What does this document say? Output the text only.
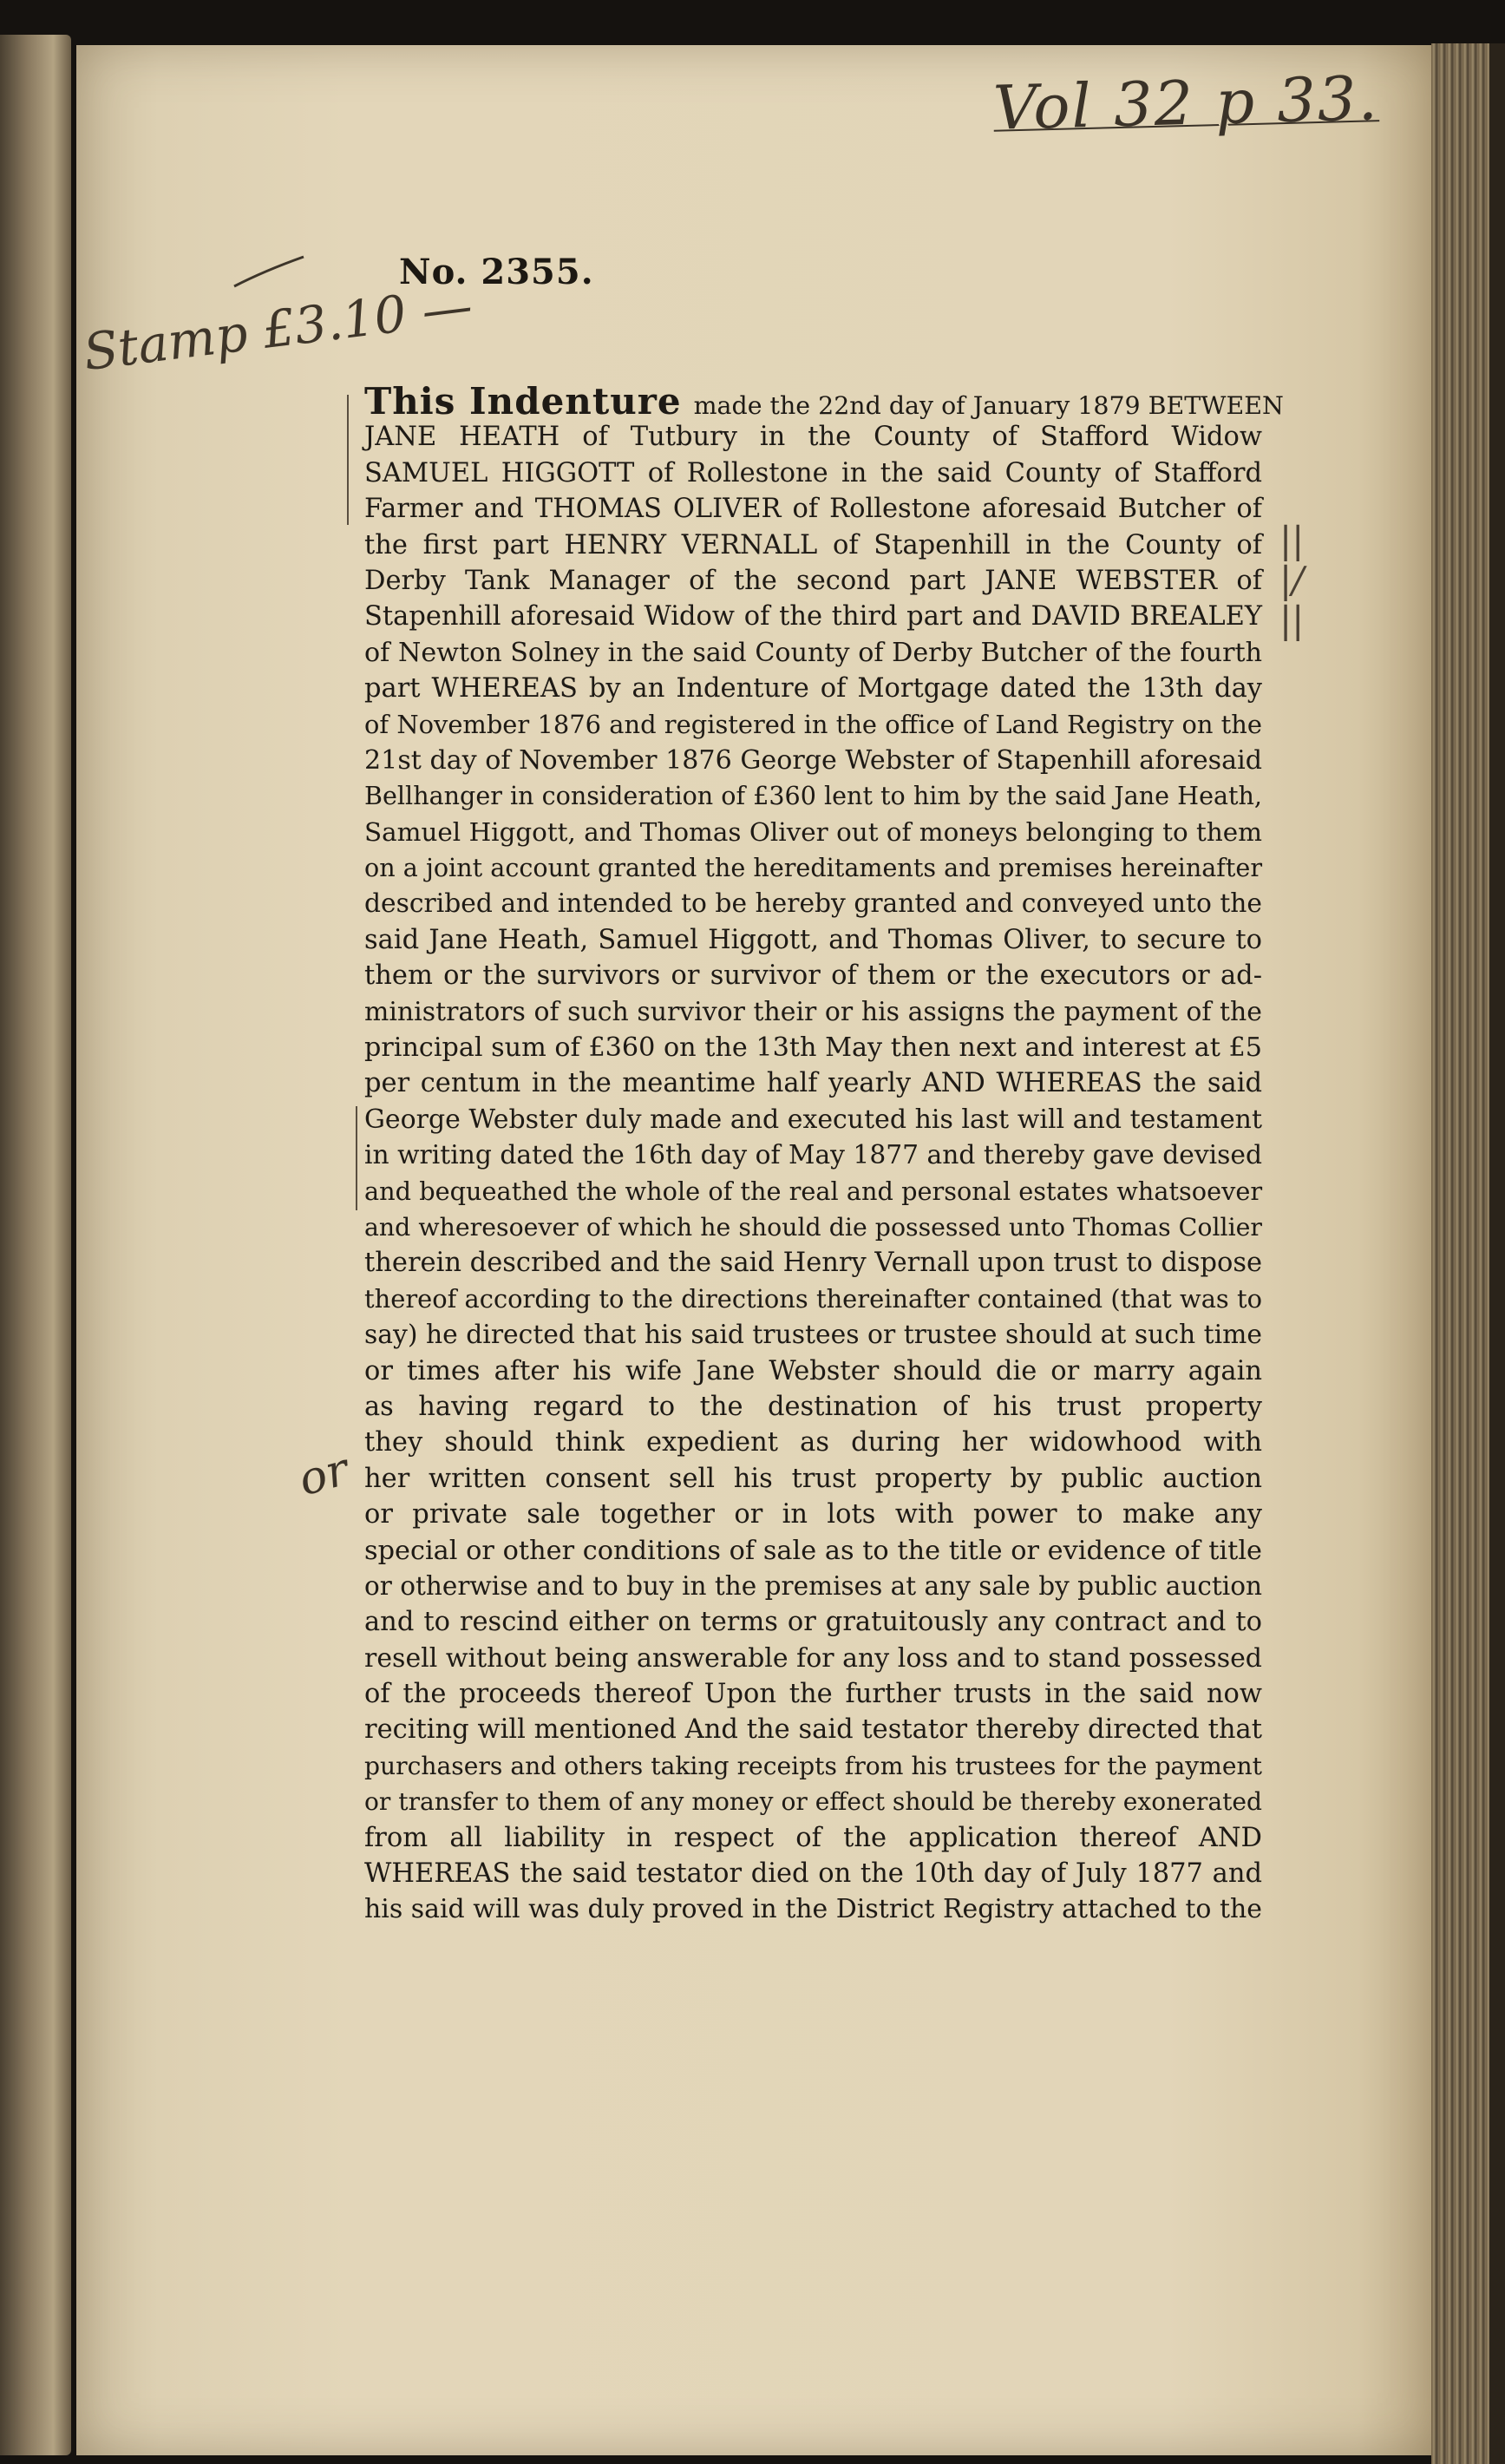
Vol 32 p 33.
Stamp £3.10 —
No. 2355.
||
|/
||
or
This Indenture made the 22nd day of January 1879 BETWEEN
JANE HEATH of Tutbury in the County of Stafford Widow
SAMUEL HIGGOTT of Rollestone in the said County of Stafford
Farmer and THOMAS OLIVER of Rollestone aforesaid Butcher of
the first part HENRY VERNALL of Stapenhill in the County of
Derby Tank Manager of the second part JANE WEBSTER of
Stapenhill aforesaid Widow of the third part and DAVID BREALEY
of Newton Solney in the said County of Derby Butcher of the fourth
part WHEREAS by an Indenture of Mortgage dated the 13th day
of November 1876 and registered in the office of Land Registry on the
21st day of November 1876 George Webster of Stapenhill aforesaid
Bellhanger in consideration of £360 lent to him by the said Jane Heath,
Samuel Higgott, and Thomas Oliver out of moneys belonging to them
on a joint account granted the hereditaments and premises hereinafter
described and intended to be hereby granted and conveyed unto the
said Jane Heath, Samuel Higgott, and Thomas Oliver, to secure to
them or the survivors or survivor of them or the executors or ad-
ministrators of such survivor their or his assigns the payment of the
principal sum of £360 on the 13th May then next and interest at £5
per centum in the meantime half yearly AND WHEREAS the said
George Webster duly made and executed his last will and testament
in writing dated the 16th day of May 1877 and thereby gave devised
and bequeathed the whole of the real and personal estates whatsoever
and wheresoever of which he should die possessed unto Thomas Collier
therein described and the said Henry Vernall upon trust to dispose
thereof according to the directions thereinafter contained (that was to
say) he directed that his said trustees or trustee should at such time
or times after his wife Jane Webster should die or marry again
as having regard to the destination of his trust property
they should think expedient as during her widowhood with
her written consent sell his trust property by public auction
or private sale together or in lots with power to make any
special or other conditions of sale as to the title or evidence of title
or otherwise and to buy in the premises at any sale by public auction
and to rescind either on terms or gratuitously any contract and to
resell without being answerable for any loss and to stand possessed
of the proceeds thereof Upon the further trusts in the said now
reciting will mentioned And the said testator thereby directed that
purchasers and others taking receipts from his trustees for the payment
or transfer to them of any money or effect should be thereby exonerated
from all liability in respect of the application thereof AND
WHEREAS the said testator died on the 10th day of July 1877 and
his said will was duly proved in the District Registry attached to the
